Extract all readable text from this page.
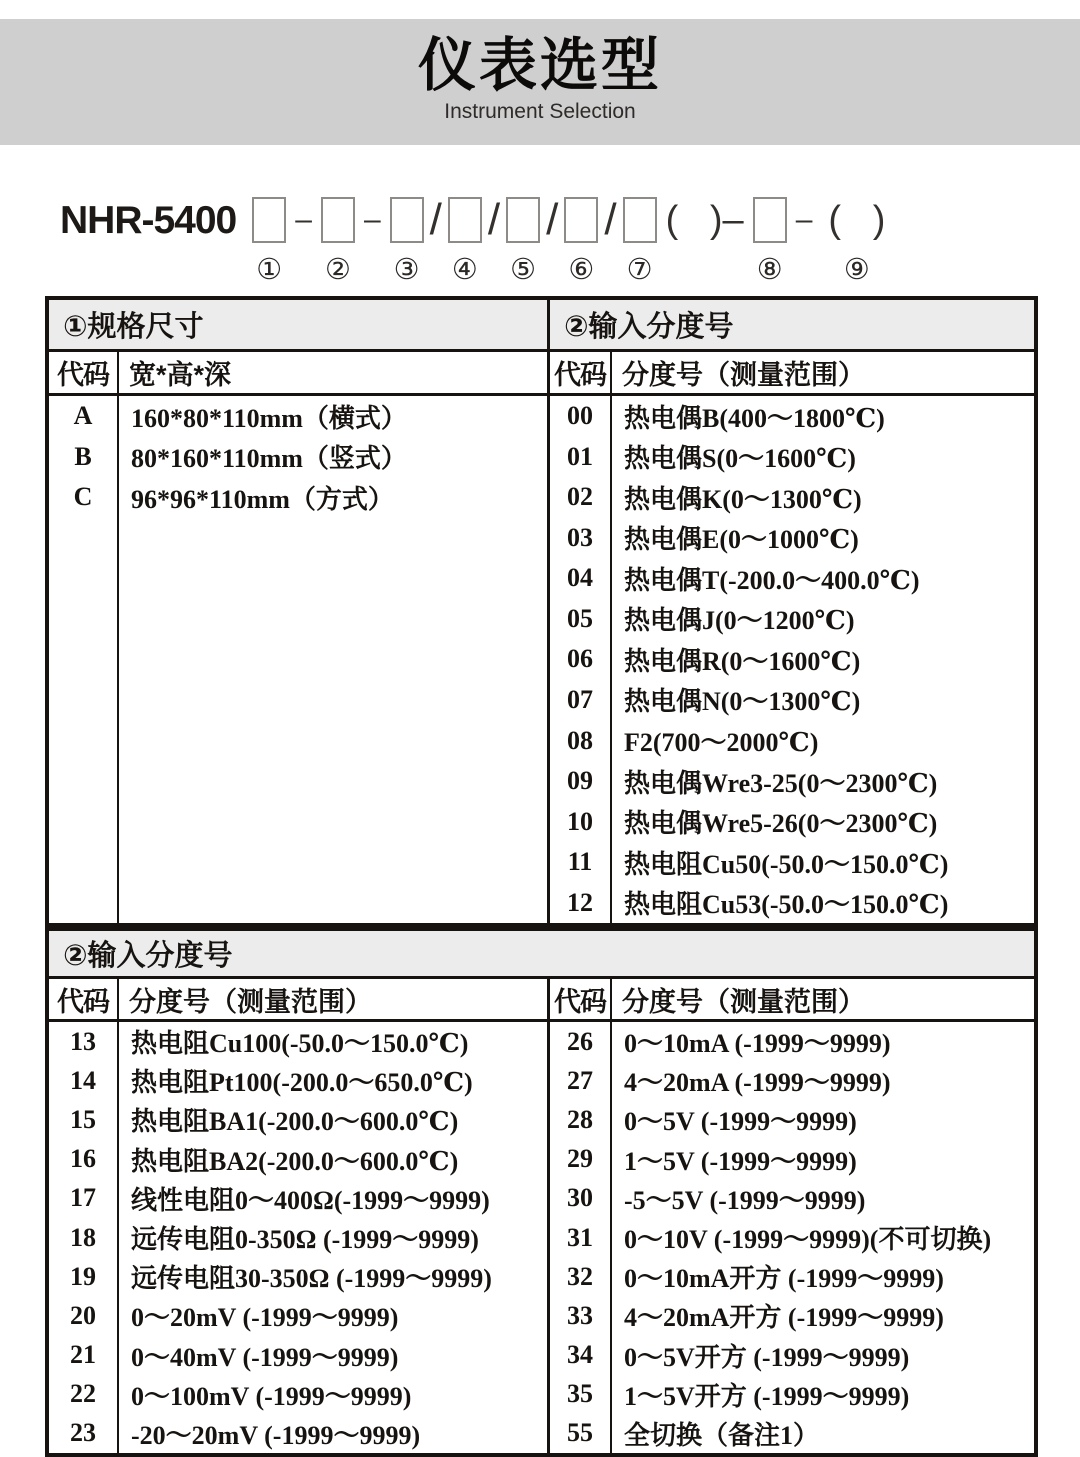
仪表选型
Instrument Selection
NHR-5400
①
–
②
–
③
/
④
/
⑤
/
⑥
/
⑦
(   )–
⑧
– (   )
⑨
①规格尺寸	②输入分度号
代码 宽*高*深	代码 分度号（测量范围）
A	160*80*110mm（横式）
B	80*160*110mm（竖式）
C	96*96*110mm（方式）
00	热电偶B(400～1800℃)
01	热电偶S(0～1600℃)
02	热电偶K(0～1300℃)
03	热电偶E(0～1000℃)
04	热电偶T(-200.0～400.0℃)
05	热电偶J(0～1200℃)
06	热电偶R(0～1600℃)
07	热电偶N(0～1300℃)
08	F2(700～2000℃)
09	热电偶Wre3-25(0～2300℃)
10	热电偶Wre5-26(0～2300℃)
11	热电阻Cu50(-50.0～150.0℃)
12	热电阻Cu53(-50.0～150.0℃)
②输入分度号
代码 分度号（测量范围）	代码 分度号（测量范围）
13	热电阻Cu100(-50.0～150.0℃)
14	热电阻Pt100(-200.0～650.0℃)
15	热电阻BA1(-200.0～600.0℃)
16	热电阻BA2(-200.0～600.0℃)
17	线性电阻0～400Ω(-1999～9999)
18	远传电阻0-350Ω (-1999～9999)
19	远传电阻30-350Ω (-1999～9999)
20	0～20mV (-1999～9999)
21	0～40mV (-1999～9999)
22	0～100mV (-1999～9999)
23	-20～20mV (-1999～9999)
26	0～10mA (-1999～9999)
27	4～20mA (-1999～9999)
28	0～5V (-1999～9999)
29	1～5V (-1999～9999)
30	-5～5V (-1999～9999)
31	0～10V (-1999～9999)(不可切换)
32	0～10mA开方 (-1999～9999)
33	4～20mA开方 (-1999～9999)
34	0～5V开方 (-1999～9999)
35	1～5V开方 (-1999～9999)
55	全切换（备注1）
